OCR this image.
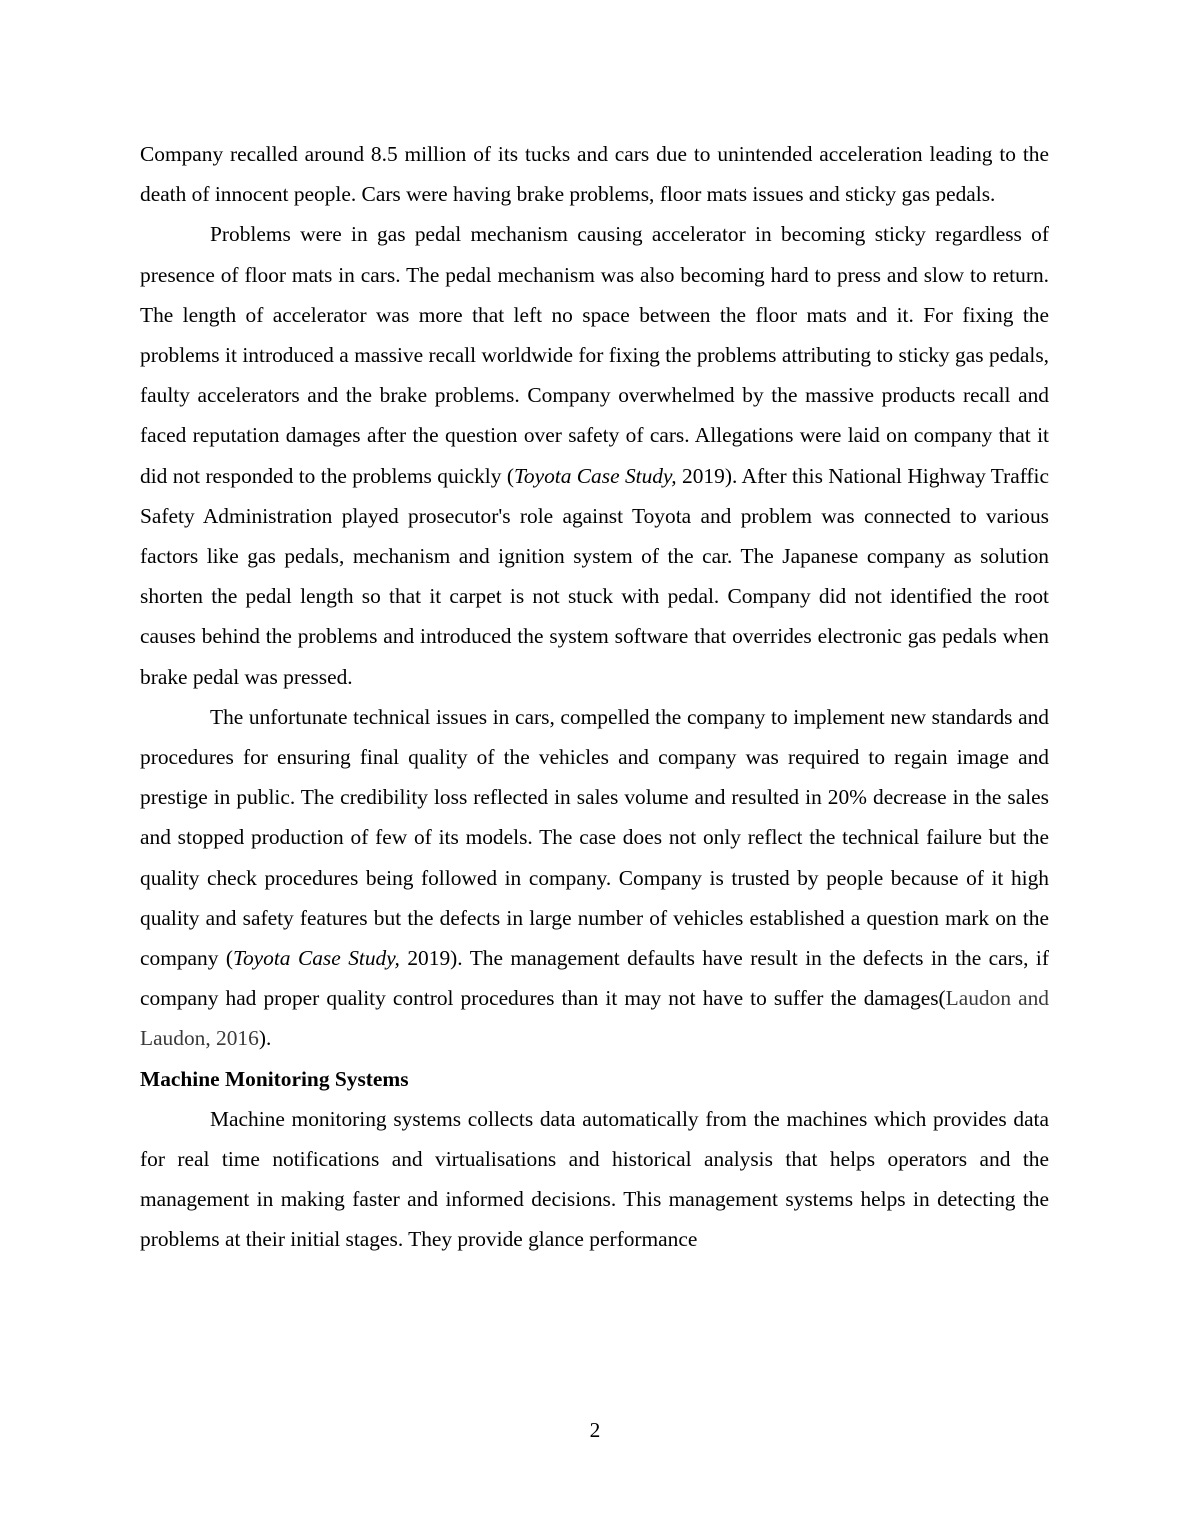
Company recalled around 8.5 million of its tucks and cars due to unintended acceleration leading to the death of innocent people. Cars were having brake problems, floor mats issues and sticky gas pedals.

Problems were in gas pedal mechanism causing accelerator in becoming sticky regardless of presence of floor mats in cars. The pedal mechanism was also becoming hard to press and slow to return. The length of accelerator was more that left no space between the floor mats and it. For fixing the problems it introduced a massive recall worldwide for fixing the problems attributing to sticky gas pedals, faulty accelerators and the brake problems. Company overwhelmed by the massive products recall and faced reputation damages after the question over safety of cars. Allegations were laid on company that it did not responded to the problems quickly (Toyota Case Study, 2019). After this National Highway Traffic Safety Administration played prosecutor's role against Toyota and problem was connected to various factors like gas pedals, mechanism and ignition system of the car. The Japanese company as solution shorten the pedal length so that it carpet is not stuck with pedal. Company did not identified the root causes behind the problems and introduced the system software that overrides electronic gas pedals when brake pedal was pressed.

The unfortunate technical issues in cars, compelled the company to implement new standards and procedures for ensuring final quality of the vehicles and company was required to regain image and prestige in public. The credibility loss reflected in sales volume and resulted in 20% decrease in the sales and stopped production of few of its models. The case does not only reflect the technical failure but the quality check procedures being followed in company. Company is trusted by people because of it high quality and safety features but the defects in large number of vehicles established a question mark on the company (Toyota Case Study, 2019). The management defaults have result in the defects in the cars, if company had proper quality control procedures than it may not have to suffer the damages(Laudon and Laudon, 2016).

Machine Monitoring Systems

Machine monitoring systems collects data automatically from the machines which provides data for real time notifications and virtualisations and historical analysis that helps operators and the management in making faster and informed decisions. This management systems helps in detecting the problems at their initial stages. They provide glance performance

2
